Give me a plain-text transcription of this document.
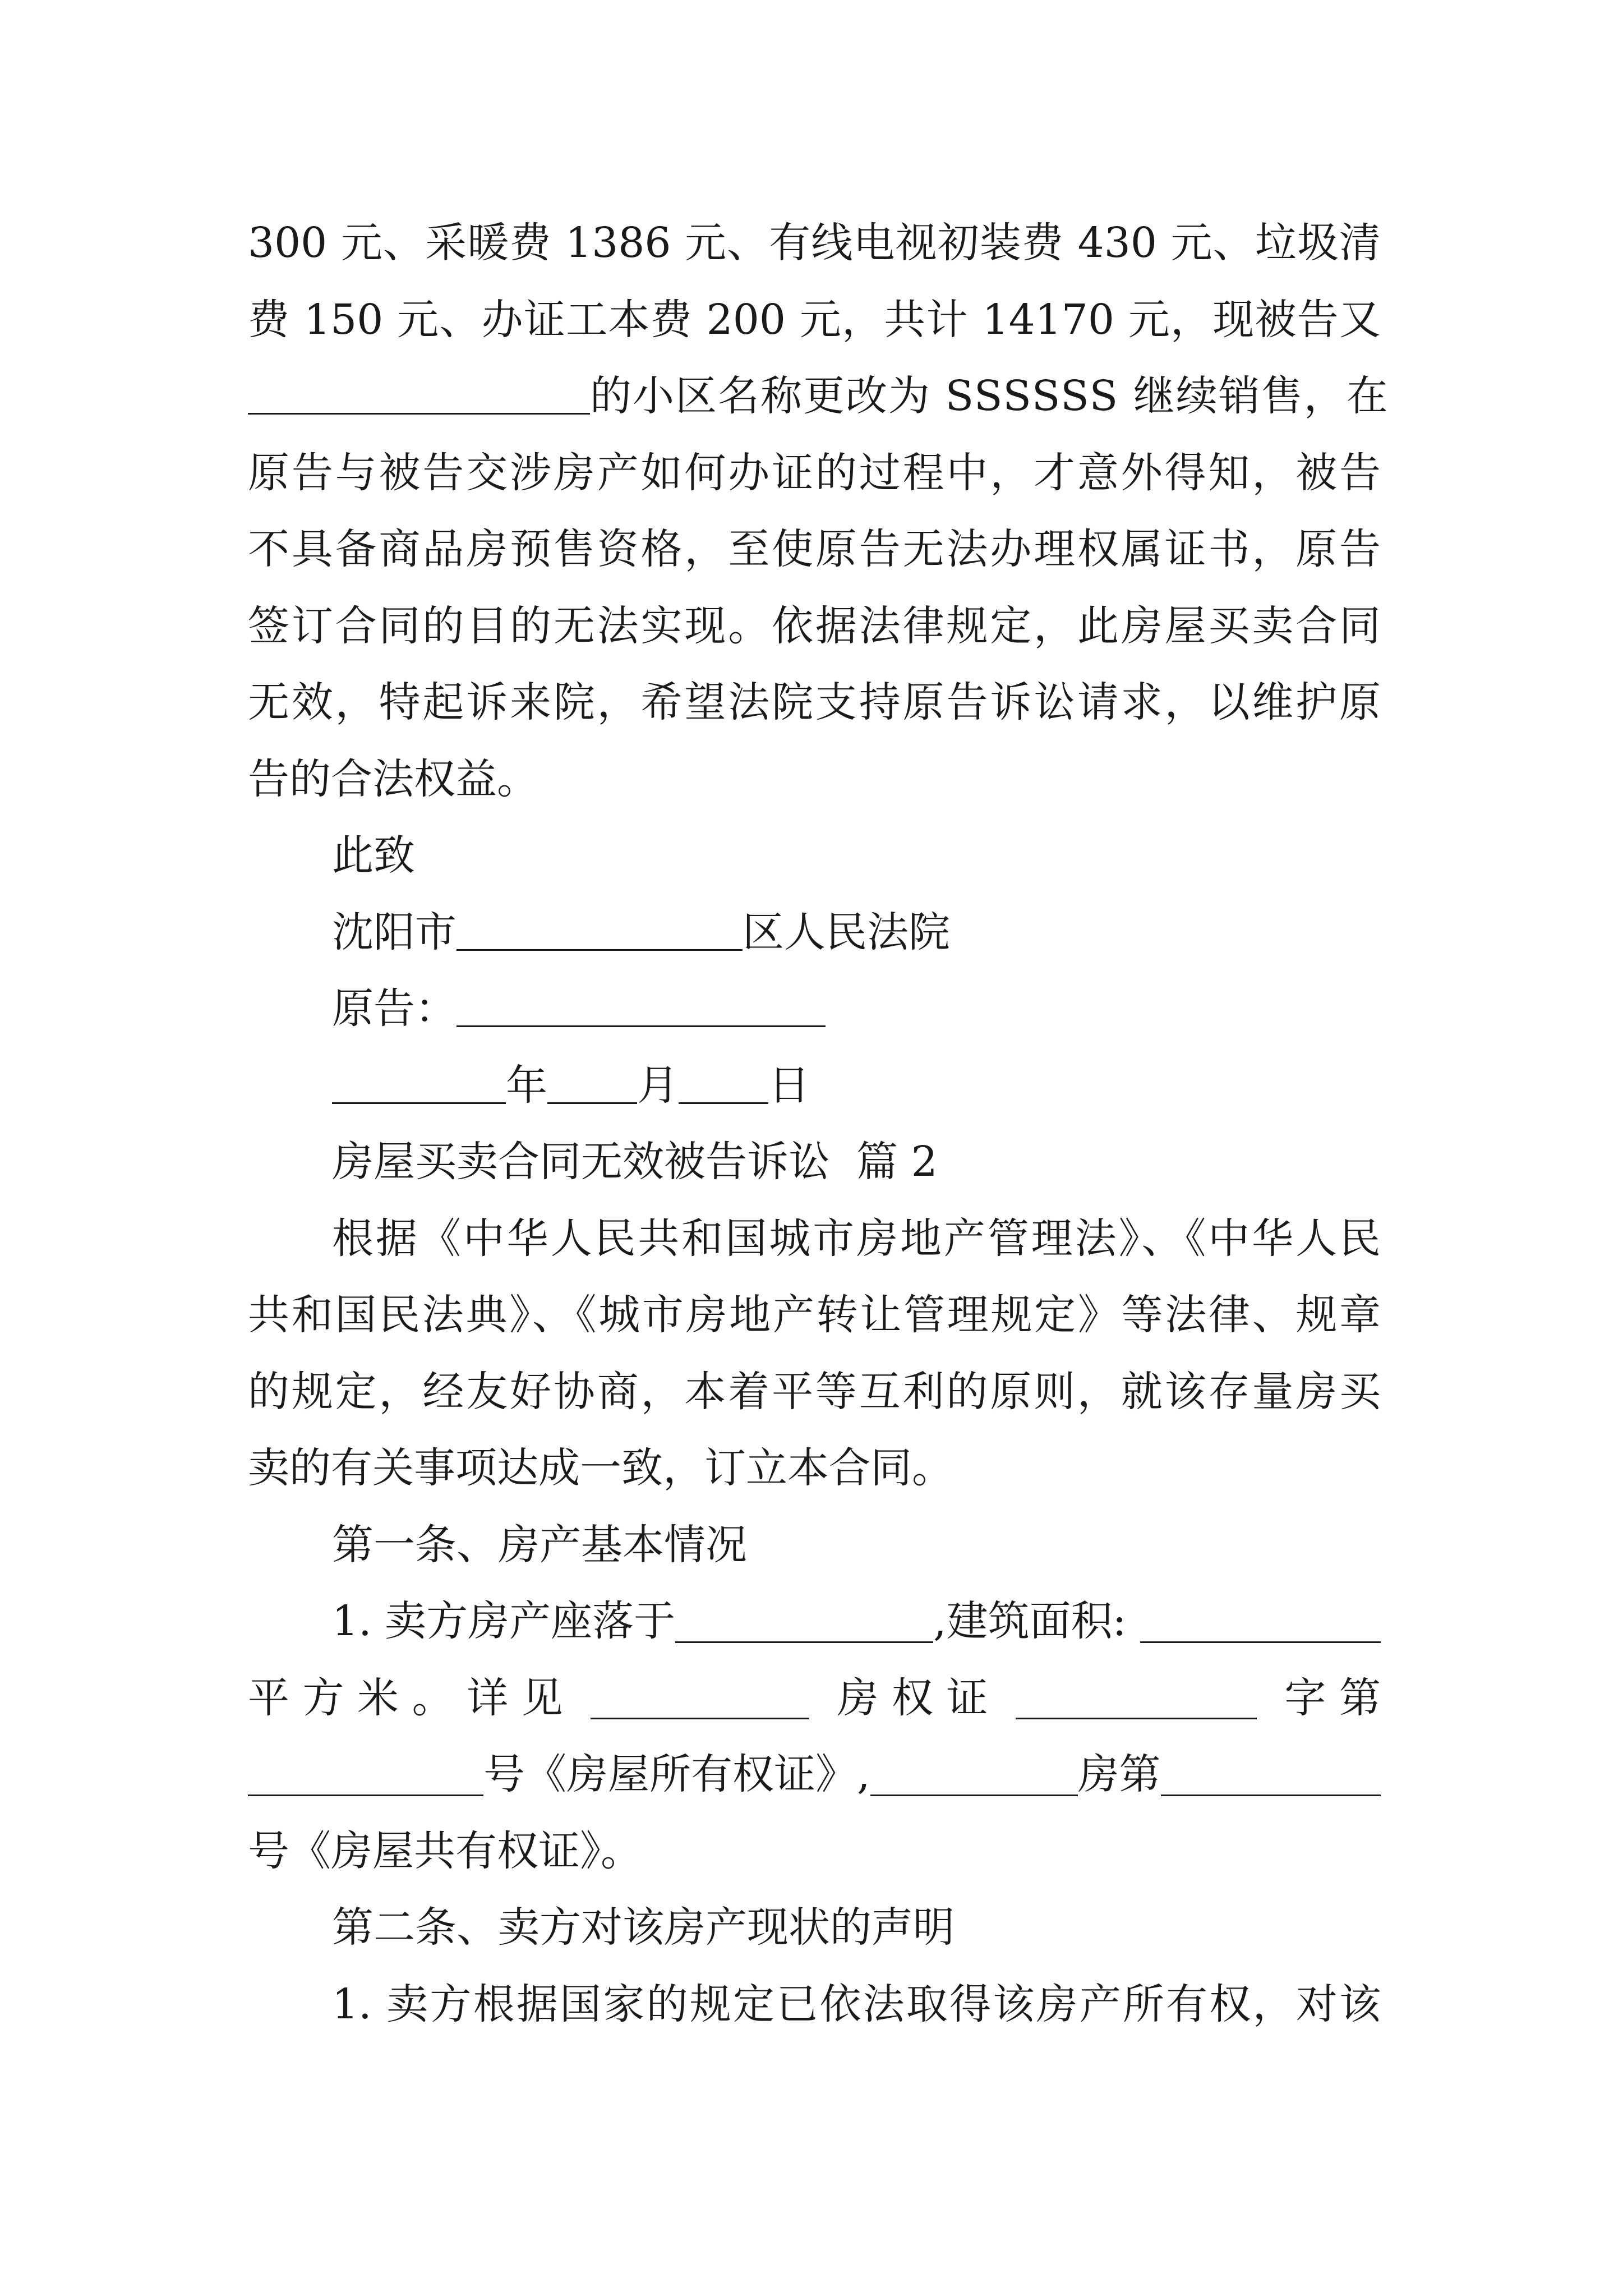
300 元、采暖费 1386 元、有线电视初装费 430 元、垃圾清
费 150 元、办证工本费 200 元，共计 14170 元，现被告又
的小区名称更改为 SSSSSS 继续销售，在
原告与被告交涉房产如何办证的过程中，才意外得知，被告
不具备商品房预售资格，至使原告无法办理权属证书，原告
签订合同的目的无法实现。依据法律规定，此房屋买卖合同
无效，特起诉来院，希望法院支持原告诉讼请求，以维护原
告的合法权益。
此致
沈阳市	区人民法院
原告：
年 月 日
房屋买卖合同无效被告诉讼  篇 2
根据《中华人民共和国城市房地产管理法》、《中华人民
共和国民法典》、《城市房地产转让管理规定》等法律、规章
的规定，经友好协商，本着平等互利的原则，就该存量房买
卖的有关事项达成一致，订立本合同。
第一条、房产基本情况
1. 卖方房产座落于	,建筑面积:
平 方 米 。 详 见	房 权 证	字 第
号《房屋所有权证》,	房第
号《房屋共有权证》。
第二条、卖方对该房产现状的声明
1. 卖方根据国家的规定已依法取得该房产所有权，对该
